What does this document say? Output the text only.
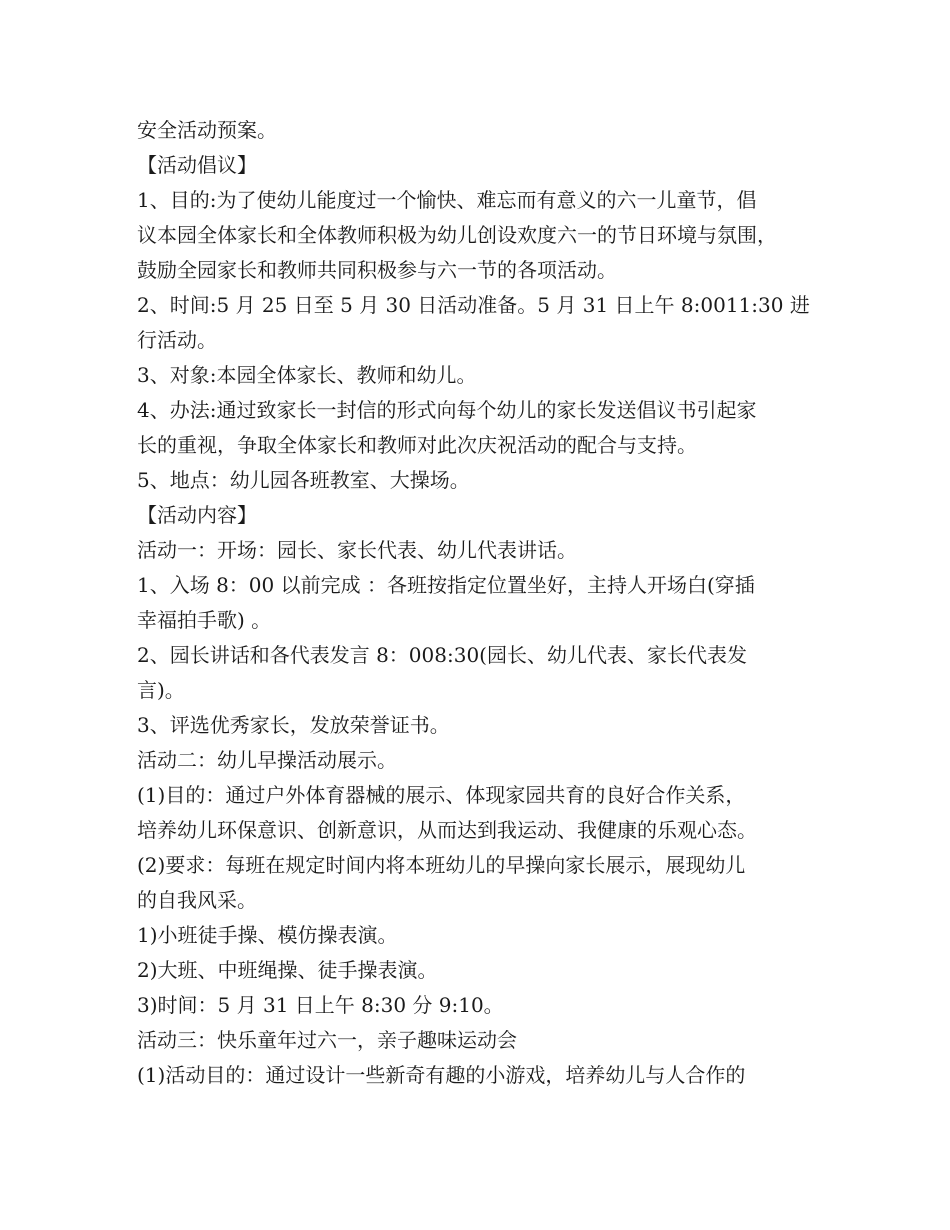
安全活动预案。
【活动倡议】
1、目的:为了使幼儿能度过一个愉快、难忘而有意义的六一儿童节，倡
议本园全体家长和全体教师积极为幼儿创设欢度六一的节日环境与氛围，
鼓励全园家长和教师共同积极参与六一节的各项活动。
2、时间:5 月 25 日至 5 月 30 日活动准备。5 月 31 日上午 8:0011:30 进
行活动。
3、对象:本园全体家长、教师和幼儿。
4、办法:通过致家长一封信的形式向每个幼儿的家长发送倡议书引起家
长的重视，争取全体家长和教师对此次庆祝活动的配合与支持。
5、地点：幼儿园各班教室、大操场。
【活动内容】
活动一：开场：园长、家长代表、幼儿代表讲话。
1、入场 8：00 以前完成 ：各班按指定位置坐好，主持人开场白(穿插
幸福拍手歌) 。
2、园长讲话和各代表发言 8：008:30(园长、幼儿代表、家长代表发
言)。
3、评选优秀家长，发放荣誉证书。
活动二：幼儿早操活动展示。
(1)目的：通过户外体育器械的展示、体现家园共育的良好合作关系，
培养幼儿环保意识、创新意识，从而达到我运动、我健康的乐观心态。
(2)要求：每班在规定时间内将本班幼儿的早操向家长展示，展现幼儿
的自我风采。
1)小班徒手操、模仿操表演。
2)大班、中班绳操、徒手操表演。
3)时间：5 月 31 日上午 8:30 分 9:10。
活动三：快乐童年过六一，亲子趣味运动会
(1)活动目的：通过设计一些新奇有趣的小游戏，培养幼儿与人合作的
